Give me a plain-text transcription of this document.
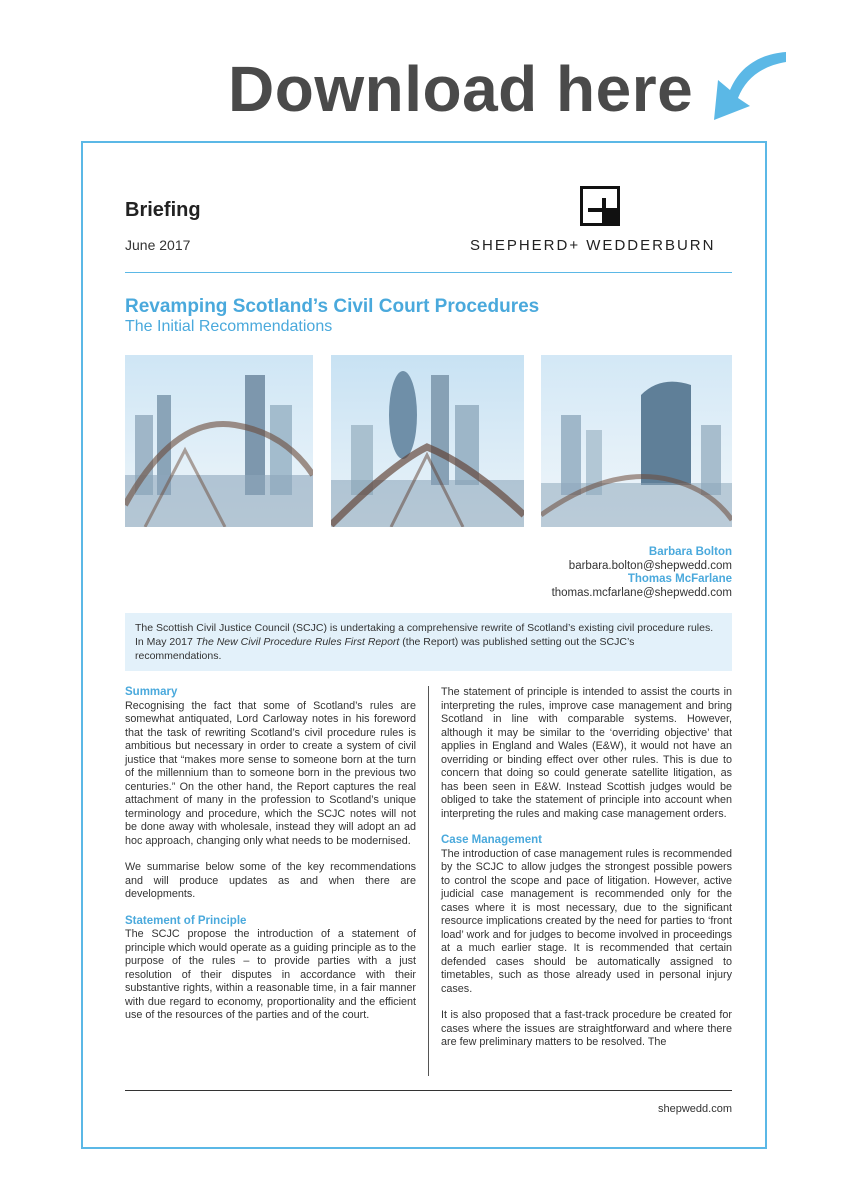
Download here
Briefing
June 2017	SHEPHERD+ WEDDERBURN
Revamping Scotland’s Civil Court Procedures
The Initial Recommendations
Barbara Bolton
barbara.bolton@shepwedd.com
Thomas McFarlane
thomas.mcfarlane@shepwedd.com
The Scottish Civil Justice Council (SCJC) is undertaking a comprehensive rewrite of Scotland’s existing civil procedure rules. In May 2017 The New Civil Procedure Rules First Report (the Report) was published setting out the SCJC’s recommendations.
Summary

Recognising the fact that some of Scotland’s rules are somewhat antiquated, Lord Carloway notes in his foreword that the task of rewriting Scotland’s civil procedure rules is ambitious but necessary in order to create a system of civil justice that “makes more sense to someone born at the turn of the millennium than to someone born in the previous two centuries.” On the other hand, the Report captures the real attachment of many in the profession to Scotland’s unique terminology and procedure, which the SCJC notes will not be done away with wholesale, instead they will adopt an ad hoc approach, changing only what needs to be modernised.

We summarise below some of the key recommendations and will produce updates as and when there are developments.

Statement of Principle

The SCJC propose the introduction of a statement of principle which would operate as a guiding principle as to the purpose of the rules – to provide parties with a just resolution of their disputes in accordance with their substantive rights, within a reasonable time, in a fair manner with due regard to economy, proportionality and the efficient use of the resources of the parties and of the court.

The statement of principle is intended to assist the courts in interpreting the rules, improve case management and bring Scotland in line with comparable systems. However, although it may be similar to the ‘overriding objective’ that applies in England and Wales (E&W), it would not have an overriding or binding effect over other rules. This is due to concern that doing so could generate satellite litigation, as has been seen in E&W. Instead Scottish judges would be obliged to take the statement of principle into account when interpreting the rules and making case management orders.

Case Management

The introduction of case management rules is recommended by the SCJC to allow judges the strongest possible powers to control the scope and pace of litigation. However, active judicial case management is recommended only for the cases where it is most necessary, due to the significant resource implications created by the need for parties to ‘front load’ work and for judges to become involved in proceedings at a much earlier stage. It is recommended that certain defended cases should be automatically assigned to timetables, such as those already used in personal injury cases.

It is also proposed that a fast-track procedure be created for cases where the issues are straightforward and where there are few preliminary matters to be resolved. The

shepwedd.com
